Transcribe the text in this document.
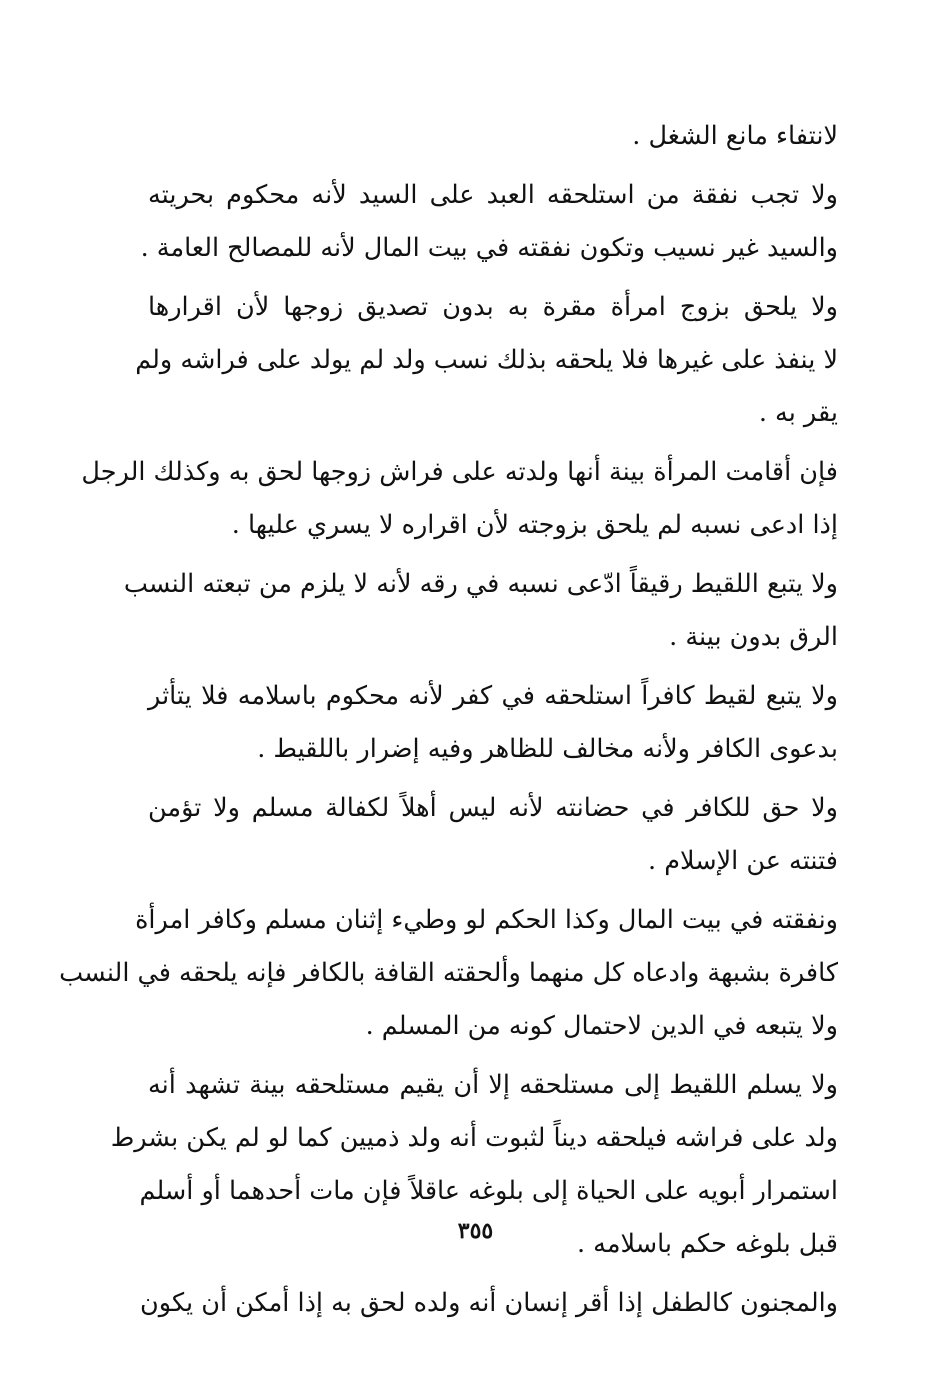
لانتفاء مانع الشغل .
ولا تجب نفقة من استلحقه العبد على السيد لأنه محكوم بحريته
والسيد غير نسيب وتكون نفقته في بيت المال لأنه للمصالح العامة .
ولا يلحق بزوج امرأة مقرة به بدون تصديق زوجها لأن اقرارها
لا ينفذ على غيرها فلا يلحقه بذلك نسب ولد لم يولد على فراشه ولم
يقر به .
فإن أقامت المرأة بينة أنها ولدته على فراش زوجها لحق به وكذلك الرجل
إذا ادعى نسبه لم يلحق بزوجته لأن اقراره لا يسري عليها .
ولا يتبع اللقيط رقيقاً ادّعى نسبه في رقه لأنه لا يلزم من تبعته النسب
الرق بدون بينة .
ولا يتبع لقيط كافراً استلحقه في كفر لأنه محكوم باسلامه فلا يتأثر
بدعوى الكافر ولأنه مخالف للظاهر وفيه إضرار باللقيط .
ولا حق للكافر في حضانته لأنه ليس أهلاً لكفالة مسلم ولا تؤمن
فتنته عن الإسلام .
ونفقته في بيت المال وكذا الحكم لو وطيء إثنان مسلم وكافر امرأة
كافرة بشبهة وادعاه كل منهما وألحقته القافة بالكافر فإنه يلحقه في النسب
ولا يتبعه في الدين لاحتمال كونه من المسلم .
ولا يسلم اللقيط إلى مستلحقه إلا أن يقيم مستلحقه بينة تشهد أنه
ولد على فراشه فيلحقه ديناً لثبوت أنه ولد ذميين كما لو لم يكن بشرط
استمرار أبويه على الحياة إلى بلوغه عاقلاً فإن مات أحدهما أو أسلم
قبل بلوغه حكم باسلامه .
والمجنون كالطفل إذا أقر إنسان أنه ولده لحق به إذا أمكن أن يكون
٣٥٥
